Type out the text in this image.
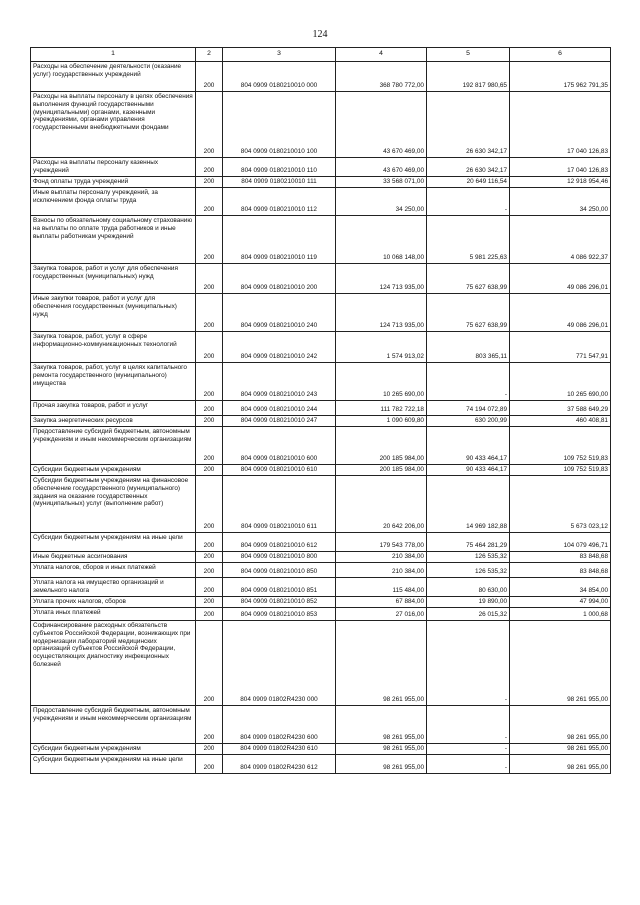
124
1	2	3	4	5	6
Расходы на обеспечение деятельности (оказание услуг) государственных учреждений	200	804 0909 0180210010 000	368 780 772,00	192 817 980,65	175 962 791,35
Расходы на выплаты персоналу в целях обеспечения выполнения функций государственными (муниципальными) органами, казенными учреждениями, органами управления государственными внебюджетными фондами	200	804 0909 0180210010 100	43 670 469,00	26 630 342,17	17 040 126,83
Расходы на выплаты персоналу казенных учреждений	200	804 0909 0180210010 110	43 670 469,00	26 630 342,17	17 040 126,83
Фонд оплаты труда учреждений	200	804 0909 0180210010 111	33 568 071,00	20 649 116,54	12 918 954,46
Иные выплаты персоналу учреждений, за исключением фонда оплаты труда	200	804 0909 0180210010 112	34 250,00	-	34 250,00
Взносы по обязательному социальному страхованию на выплаты по оплате труда работников и иные выплаты работникам учреждений	200	804 0909 0180210010 119	10 068 148,00	5 981 225,63	4 086 922,37
Закупка товаров, работ и услуг для обеспечения государственных (муниципальных) нужд	200	804 0909 0180210010 200	124 713 935,00	75 627 638,99	49 086 296,01
Иные закупки товаров, работ и услуг для обеспечения государственных (муниципальных) нужд	200	804 0909 0180210010 240	124 713 935,00	75 627 638,99	49 086 296,01
Закупка товаров, работ, услуг в сфере информационно-коммуникационных технологий	200	804 0909 0180210010 242	1 574 913,02	803 365,11	771 547,91
Закупка товаров, работ, услуг в целях капитального ремонта государственного (муниципального) имущества	200	804 0909 0180210010 243	10 265 690,00	-	10 265 690,00
Прочая закупка товаров, работ и услуг	200	804 0909 0180210010 244	111 782 722,18	74 194 072,89	37 588 649,29
Закупка энергетических ресурсов	200	804 0909 0180210010 247	1 090 609,80	630 200,99	460 408,81
Предоставление субсидий бюджетным, автономным учреждениям и иным некоммерческим организациям	200	804 0909 0180210010 600	200 185 984,00	90 433 464,17	109 752 519,83
Субсидии бюджетным учреждениям	200	804 0909 0180210010 610	200 185 984,00	90 433 464,17	109 752 519,83
Субсидии бюджетным учреждениям на финансовое обеспечение государственного (муниципального) задания на оказание государственных (муниципальных) услуг (выполнение работ)	200	804 0909 0180210010 611	20 642 206,00	14 969 182,88	5 673 023,12
Субсидии бюджетным учреждениям на иные цели	200	804 0909 0180210010 612	179 543 778,00	75 464 281,29	104 079 496,71
Иные бюджетные ассигнования	200	804 0909 0180210010 800	210 384,00	126 535,32	83 848,68
Уплата налогов, сборов и иных платежей	200	804 0909 0180210010 850	210 384,00	126 535,32	83 848,68
Уплата налога на имущество организаций и земельного налога	200	804 0909 0180210010 851	115 484,00	80 630,00	34 854,00
Уплата прочих налогов, сборов	200	804 0909 0180210010 852	67 884,00	19 890,00	47 994,00
Уплата иных платежей	200	804 0909 0180210010 853	27 016,00	26 015,32	1 000,68
Софинансирование расходных обязательств субъектов Российской Федерации, возникающих при модернизации лабораторий медицинских организаций субъектов Российской Федерации, осуществляющих диагностику инфекционных болезней	200	804 0909 01802R4230 000	98 261 955,00	-	98 261 955,00
Предоставление субсидий бюджетным, автономным учреждениям и иным некоммерческим организациям	200	804 0909 01802R4230 600	98 261 955,00	-	98 261 955,00
Субсидии бюджетным учреждениям	200	804 0909 01802R4230 610	98 261 955,00	-	98 261 955,00
Субсидии бюджетным учреждениям на иные цели	200	804 0909 01802R4230 612	98 261 955,00	-	98 261 955,00
